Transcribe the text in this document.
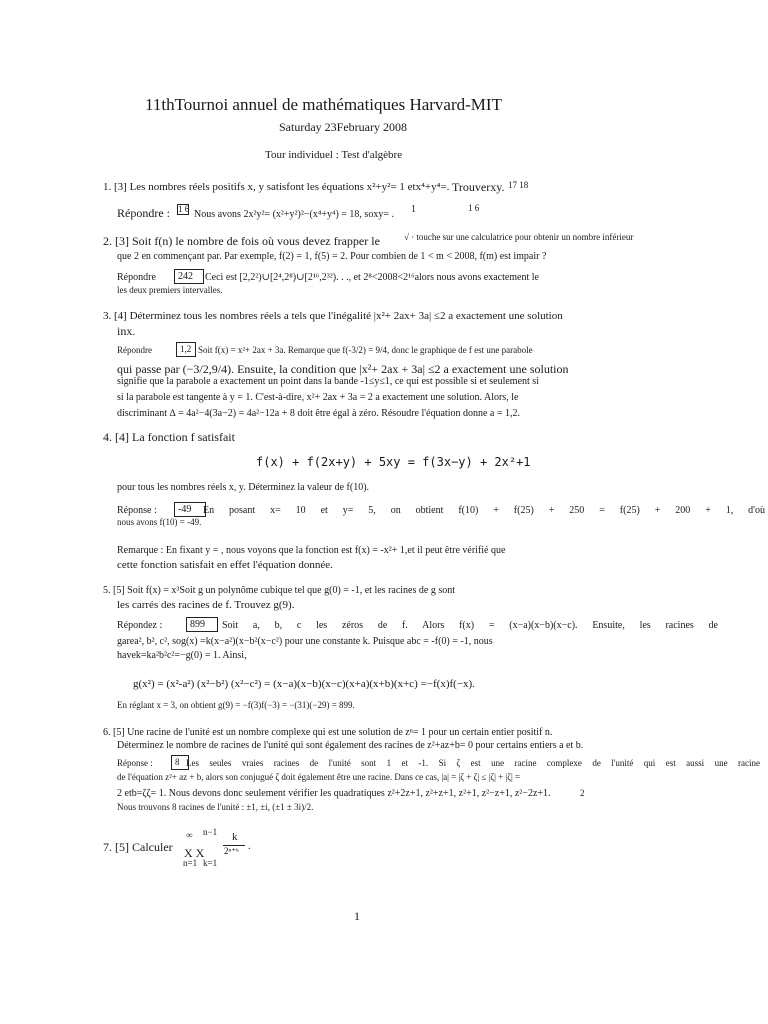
11thTournoi annuel de mathématiques Harvard-MIT
Saturday 23February 2008
Tour individuel : Test d'algèbre
1. [3] Les nombres réels positifs x, y satisfont les équations x²+y²= 1 etx⁴+y⁴=. Trouverxy. 17 18
Répondre : 1 6 Nous avons 2x²y²= (x²+y²)²−(x⁴+y⁴) = 18, soxy= . 1	1 6
2. [3] Soit f(n) le nombre de fois où vous devez frapper le	√ · touche sur une calculatrice pour obtenir un nombre inférieur
que 2 en commençant par. Par exemple, f(2) = 1, f(5) = 2. Pour combien de 1 < m < 2008, f(m) est impair ?
Répondre	242	Ceci est [2,2²)∪[2⁴,2⁸)∪[2¹⁶,2³²). . ., et 2⁸<2008<2¹⁶alors nous avons exactement le
les deux premiers intervalles.
3. [4] Déterminez tous les nombres réels a tels que l'inégalité |x²+ 2ax+ 3a| ≤2 a exactement une solution
inx.
Répondre	1,2 Soit f(x) = x²+ 2ax + 3a. Remarque que f(-3/2) = 9/4, donc le graphique de f est une parabole
qui passe par (−3/2,9/4). Ensuite, la condition que |x²+ 2ax + 3a| ≤2 a exactement une solution
signifie que la parabole a exactement un point dans la bande -1≤y≤1, ce qui est possible si et seulement si
si la parabole est tangente à y = 1. C'est-à-dire, x²+ 2ax + 3a = 2 a exactement une solution. Alors, le
discriminant ∆ = 4a²−4(3a−2) = 4a²−12a + 8 doit être égal à zéro. Résoudre l'équation donne a = 1,2.
4. [4] La fonction f satisfait
f(x) + f(2x+y) + 5xy = f(3x−y) + 2x²+1
pour tous les nombres réels x, y. Déterminez la valeur de f(10).
Réponse :	-49	En posant x= 10 et y= 5, on obtient f(10) + f(25) + 250 = f(25) + 200 + 1, d'où
nous avons f(10) = -49.
Remarque : En fixant y = , nous voyons que la fonction est f(x) = -x²+ 1,et il peut être vérifié que
cette fonction satisfait en effet l'équation donnée.
5. [5] Soit f(x) = x³Soit g un polynôme cubique tel que g(0) = -1, et les racines de g sont
les carrés des racines de f. Trouvez g(9).
Répondez :	899	Soit a, b, c les zéros de f. Alors f(x) = (x−a)(x−b)(x−c). Ensuite, les racines de
garea², b², c², sog(x) =k(x−a²)(x−b²(x−c²) pour une constante k. Puisque abc = -f(0) = -1, nous
havek=ka²b²c²=−g(0) = 1. Ainsi,
g(x²) = (x²-a²) (x²−b²) (x²−c²) = (x−a)(x−b)(x−c)(x+a)(x+b)(x+c) =−f(x)f(−x).
En réglant x = 3, on obtient g(9) = −f(3)f(−3) = −(31)(−29) = 899.
6. [5] Une racine de l'unité est un nombre complexe qui est une solution de zⁿ= 1 pour un certain entier positif n.
Déterminez le nombre de racines de l'unité qui sont également des racines de z²+az+b= 0 pour certains entiers a et b.
Réponse :	8 Les seules vraies racines de l'unité sont 1 et -1. Si ζ est une racine complexe de l'unité qui est aussi une racine
de l'équation z²+ az + b, alors son conjugué ζ doit également être une racine. Dans ce cas, |a| = |ζ + ζ| ≤ |ζ| + |ζ| =
2 etb=ζζ= 1. Nous devons donc seulement vérifier les quadratiques z²+2z+1, z²+z+1, z²+1, z²−z+1, z²−2z+1.	2
Nous trouvons 8 racines de l'unité : ±1, ±i, (±1 ± 3i)/2.
7. [5] Calculer
∞ n−1
X X
n=1 k=1
k
2ⁿ⁺ᵏ .
1
